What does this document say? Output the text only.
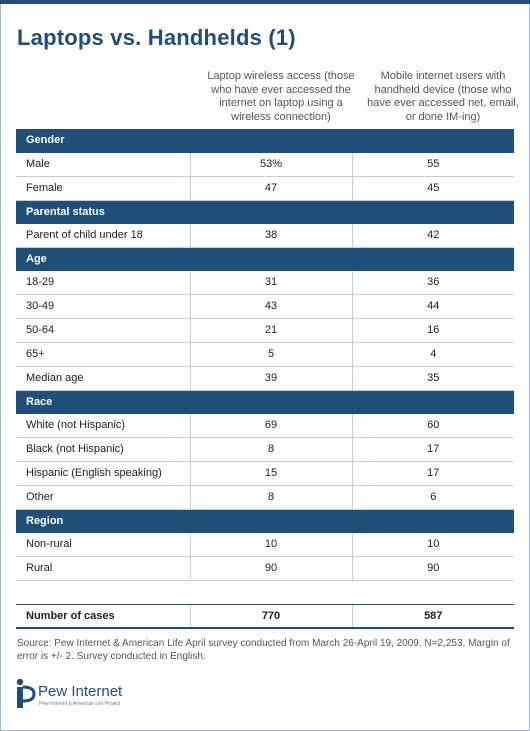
Laptops vs. Handhelds (1)
Laptop wireless access (those who have ever accessed the internet on laptop using a wireless connection)
Mobile internet users with handheld device (those who have ever accessed net, email, or done IM-ing)
Gender		
Male	53%	55
Female	47	45
Parental status		
Parent of child under 18	38	42
Age		
18-29	31	36
30-49	43	44
50-64	21	16
65+	5	4
Median age	39	35
Race		
White (not Hispanic)	69	60
Black (not Hispanic)	8	17
Hispanic (English speaking)	15	17
Other	8	6
Region		
Non-rural	10	10
Rural	90	90

Number of cases	770	587
Source: Pew Internet & American Life April survey conducted from March 26-April 19, 2009. N=2,253. Margin of error is +/- 2. Survey conducted in English.
Pew Internet
Pew Internet & American Life Project
